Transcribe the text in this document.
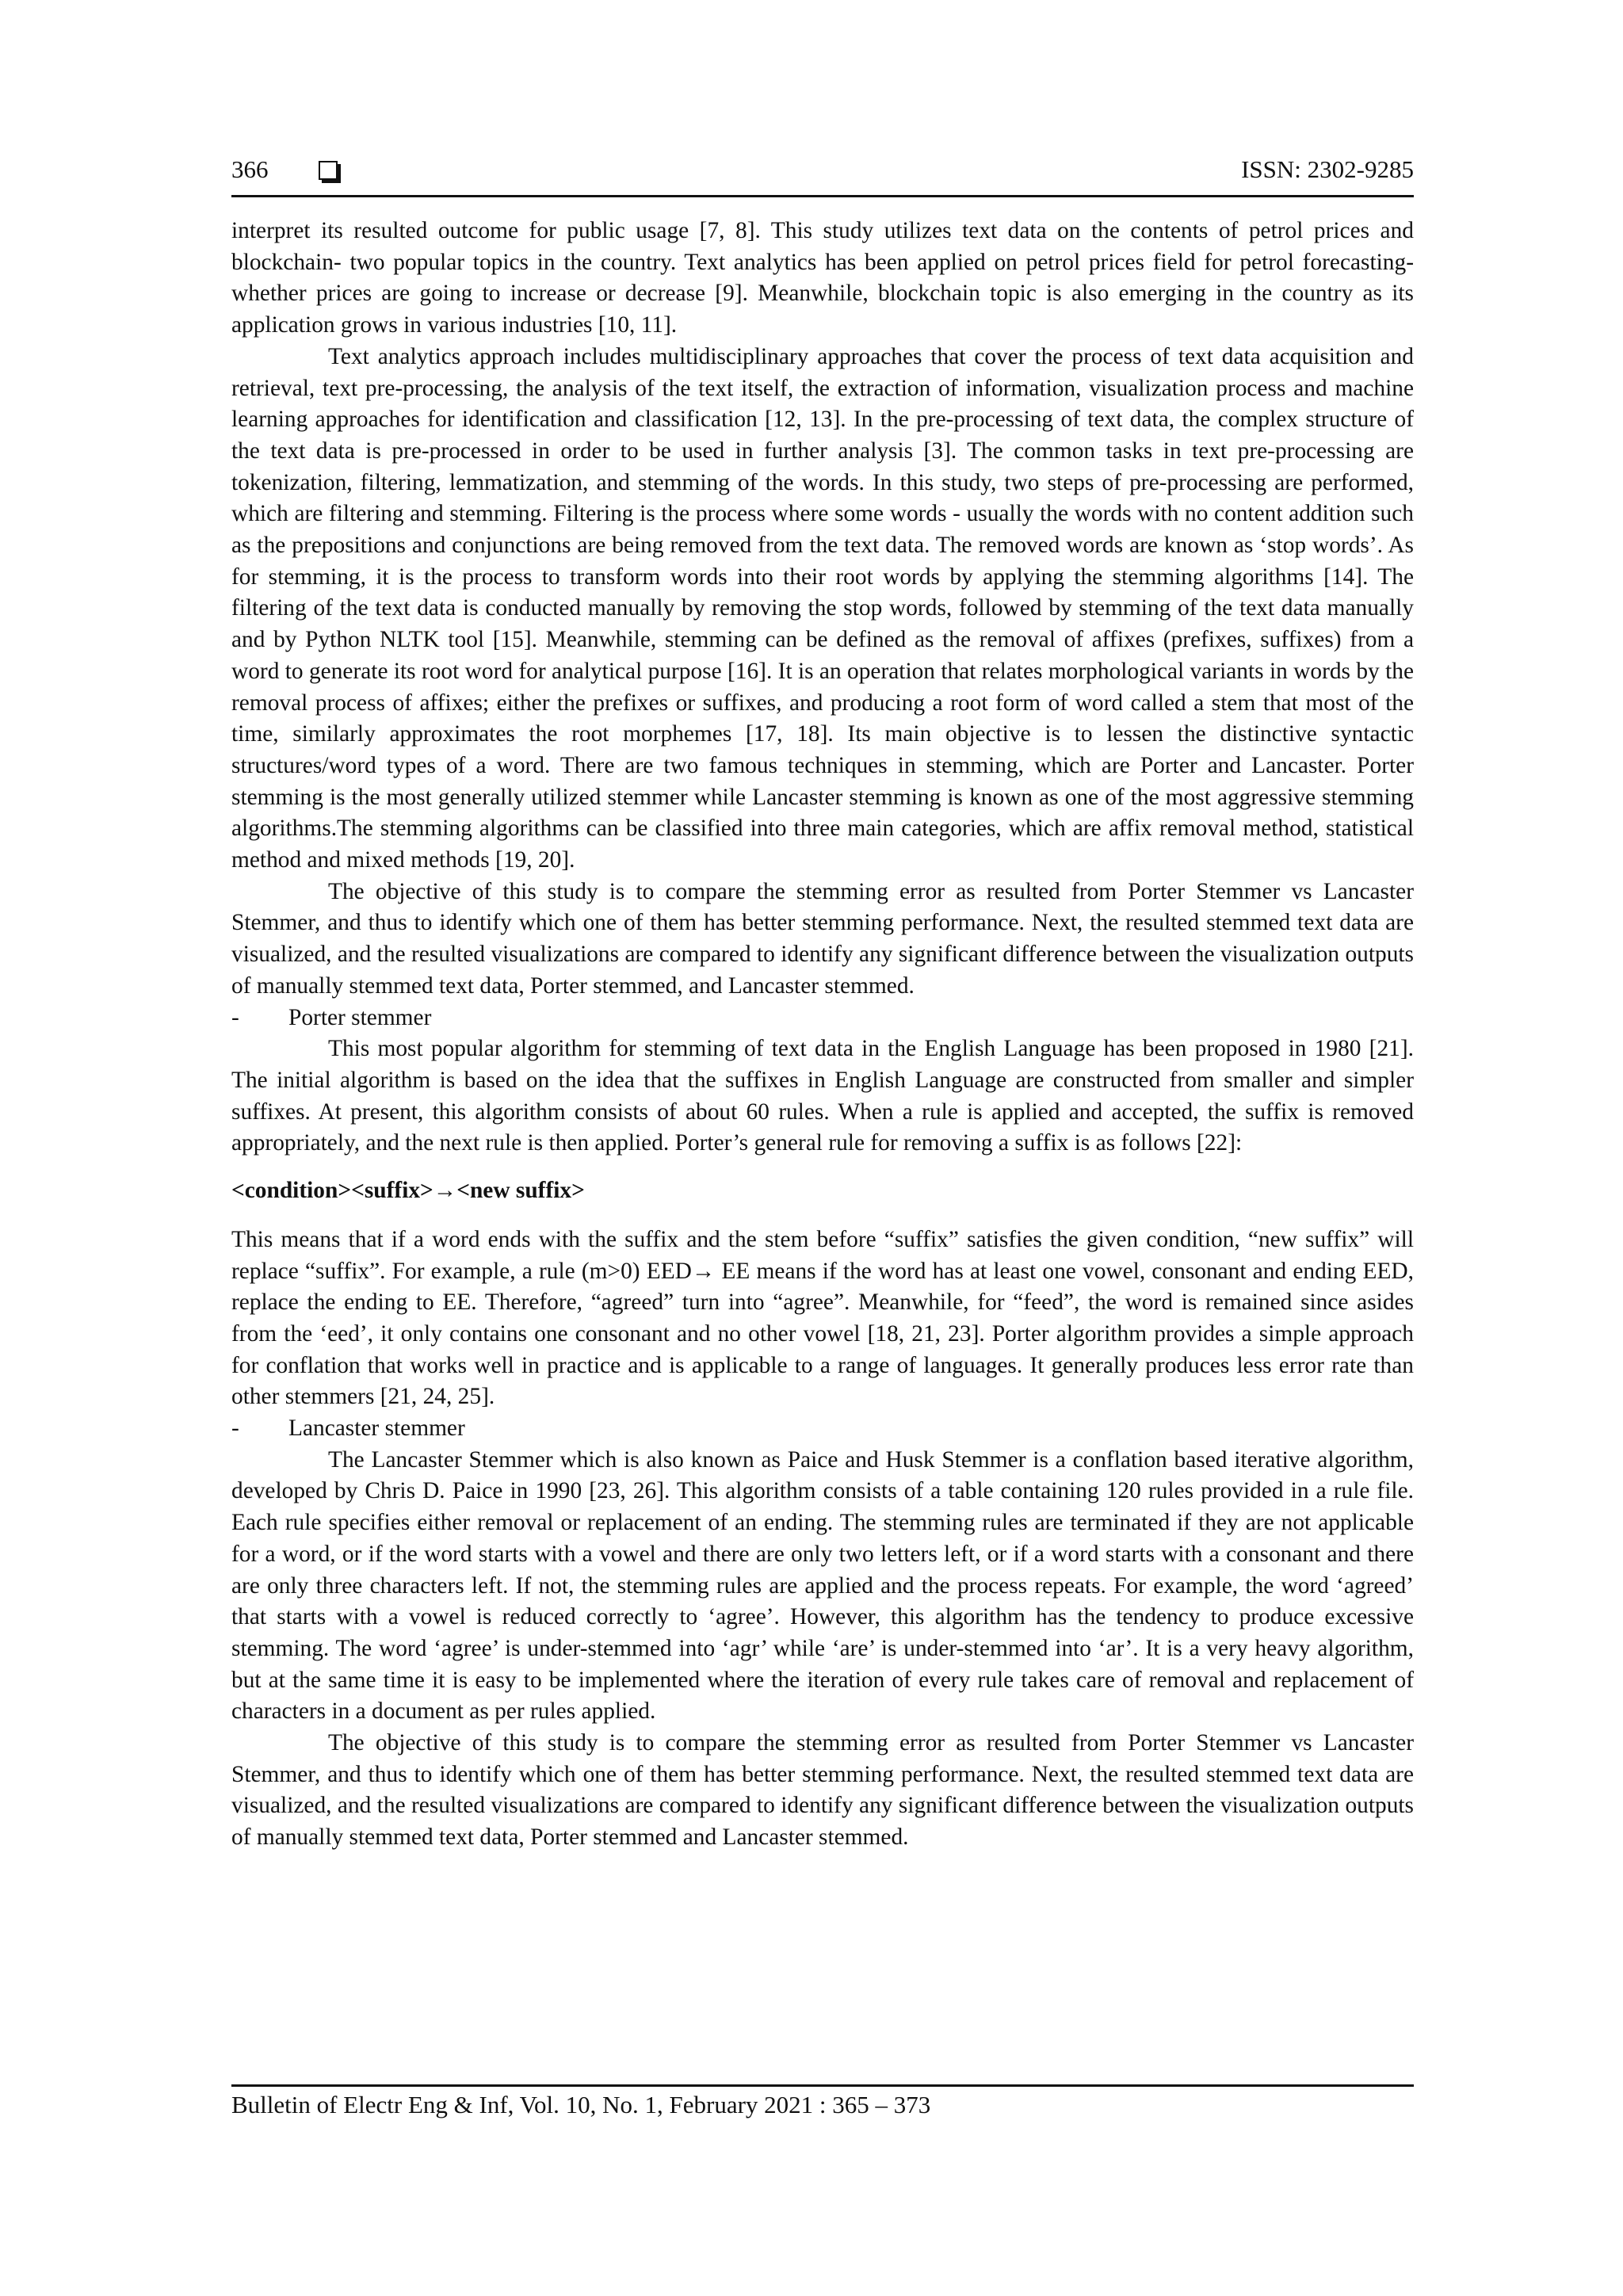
366	ISSN: 2302-9285

interpret its resulted outcome for public usage [7, 8]. This study utilizes text data on the contents of petrol prices and blockchain- two popular topics in the country. Text analytics has been applied on petrol prices field for petrol forecasting-whether prices are going to increase or decrease [9]. Meanwhile, blockchain topic is also emerging in the country as its application grows in various industries [10, 11].

Text analytics approach includes multidisciplinary approaches that cover the process of text data acquisition and retrieval, text pre-processing, the analysis of the text itself, the extraction of information, visualization process and machine learning approaches for identification and classification [12, 13]. In the pre-processing of text data, the complex structure of the text data is pre-processed in order to be used in further analysis [3]. The common tasks in text pre-processing are tokenization, filtering, lemmatization, and stemming of the words. In this study, two steps of pre-processing are performed, which are filtering and stemming. Filtering is the process where some words - usually the words with no content addition such as the prepositions and conjunctions are being removed from the text data. The removed words are known as ‘stop words’. As for stemming, it is the process to transform words into their root words by applying the stemming algorithms [14]. The filtering of the text data is conducted manually by removing the stop words, followed by stemming of the text data manually and by Python NLTK tool [15]. Meanwhile, stemming can be defined as the removal of affixes (prefixes, suffixes) from a word to generate its root word for analytical purpose [16]. It is an operation that relates morphological variants in words by the removal process of affixes; either the prefixes or suffixes, and producing a root form of word called a stem that most of the time, similarly approximates the root morphemes [17, 18]. Its main objective is to lessen the distinctive syntactic structures/word types of a word. There are two famous techniques in stemming, which are Porter and Lancaster. Porter stemming is the most generally utilized stemmer while Lancaster stemming is known as one of the most aggressive stemming algorithms.The stemming algorithms can be classified into three main categories, which are affix removal method, statistical method and mixed methods [19, 20].

The objective of this study is to compare the stemming error as resulted from Porter Stemmer vs Lancaster Stemmer, and thus to identify which one of them has better stemming performance. Next, the resulted stemmed text data are visualized, and the resulted visualizations are compared to identify any significant difference between the visualization outputs of manually stemmed text data, Porter stemmed, and Lancaster stemmed.

-	Porter stemmer

This most popular algorithm for stemming of text data in the English Language has been proposed in 1980 [21]. The initial algorithm is based on the idea that the suffixes in English Language are constructed from smaller and simpler suffixes. At present, this algorithm consists of about 60 rules. When a rule is applied and accepted, the suffix is removed appropriately, and the next rule is then applied. Porter’s general rule for removing a suffix is as follows [22]:

<condition><suffix>→<new suffix>

This means that if a word ends with the suffix and the stem before “suffix” satisfies the given condition, “new suffix” will replace “suffix”. For example, a rule (m>0) EED→ EE means if the word has at least one vowel, consonant and ending EED, replace the ending to EE. Therefore, “agreed” turn into “agree”. Meanwhile, for “feed”, the word is remained since asides from the ‘eed’, it only contains one consonant and no other vowel [18, 21, 23]. Porter algorithm provides a simple approach for conflation that works well in practice and is applicable to a range of languages. It generally produces less error rate than other stemmers [21, 24, 25].

-	Lancaster stemmer

The Lancaster Stemmer which is also known as Paice and Husk Stemmer is a conflation based iterative algorithm, developed by Chris D. Paice in 1990 [23, 26]. This algorithm consists of a table containing 120 rules provided in a rule file. Each rule specifies either removal or replacement of an ending. The stemming rules are terminated if they are not applicable for a word, or if the word starts with a vowel and there are only two letters left, or if a word starts with a consonant and there are only three characters left. If not, the stemming rules are applied and the process repeats. For example, the word ‘agreed’ that starts with a vowel is reduced correctly to ‘agree’. However, this algorithm has the tendency to produce excessive stemming. The word ‘agree’ is under-stemmed into ‘agr’ while ‘are’ is under-stemmed into ‘ar’. It is a very heavy algorithm, but at the same time it is easy to be implemented where the iteration of every rule takes care of removal and replacement of characters in a document as per rules applied.

The objective of this study is to compare the stemming error as resulted from Porter Stemmer vs Lancaster Stemmer, and thus to identify which one of them has better stemming performance. Next, the resulted stemmed text data are visualized, and the resulted visualizations are compared to identify any significant difference between the visualization outputs of manually stemmed text data, Porter stemmed and Lancaster stemmed.

Bulletin of Electr Eng & Inf, Vol. 10, No. 1, February 2021 : 365 – 373
